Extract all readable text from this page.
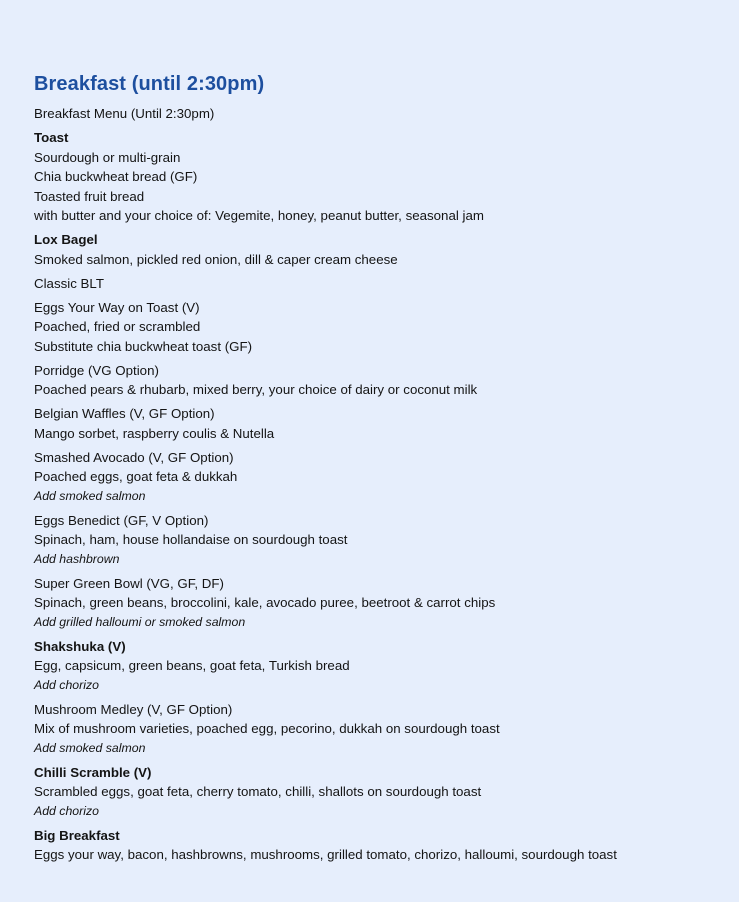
Breakfast (until 2:30pm)

Breakfast Menu (Until 2:30pm)

Toast
Sourdough or multi-grain
Chia buckwheat bread (GF)
Toasted fruit bread
with butter and your choice of: Vegemite, honey, peanut butter, seasonal jam
Lox Bagel
Smoked salmon, pickled red onion, dill & caper cream cheese
Classic BLT
Eggs Your Way on Toast (V)
Poached, fried or scrambled
Substitute chia buckwheat toast (GF)
Porridge (VG Option)
Poached pears & rhubarb, mixed berry, your choice of dairy or coconut milk
Belgian Waffles (V, GF Option)
Mango sorbet, raspberry coulis & Nutella
Smashed Avocado (V, GF Option)
Poached eggs, goat feta & dukkah
Add smoked salmon
Eggs Benedict (GF, V Option)
Spinach, ham, house hollandaise on sourdough toast
Add hashbrown
Super Green Bowl (VG, GF, DF)
Spinach, green beans, broccolini, kale, avocado puree, beetroot & carrot chips
Add grilled halloumi or smoked salmon
Shakshuka (V)
Egg, capsicum, green beans, goat feta, Turkish bread
Add chorizo
Mushroom Medley (V, GF Option)
Mix of mushroom varieties, poached egg, pecorino, dukkah on sourdough toast
Add smoked salmon
Chilli Scramble (V)
Scrambled eggs, goat feta, cherry tomato, chilli, shallots on sourdough toast
Add chorizo
Big Breakfast
Eggs your way, bacon, hashbrowns, mushrooms, grilled tomato, chorizo, halloumi, sourdough toast
